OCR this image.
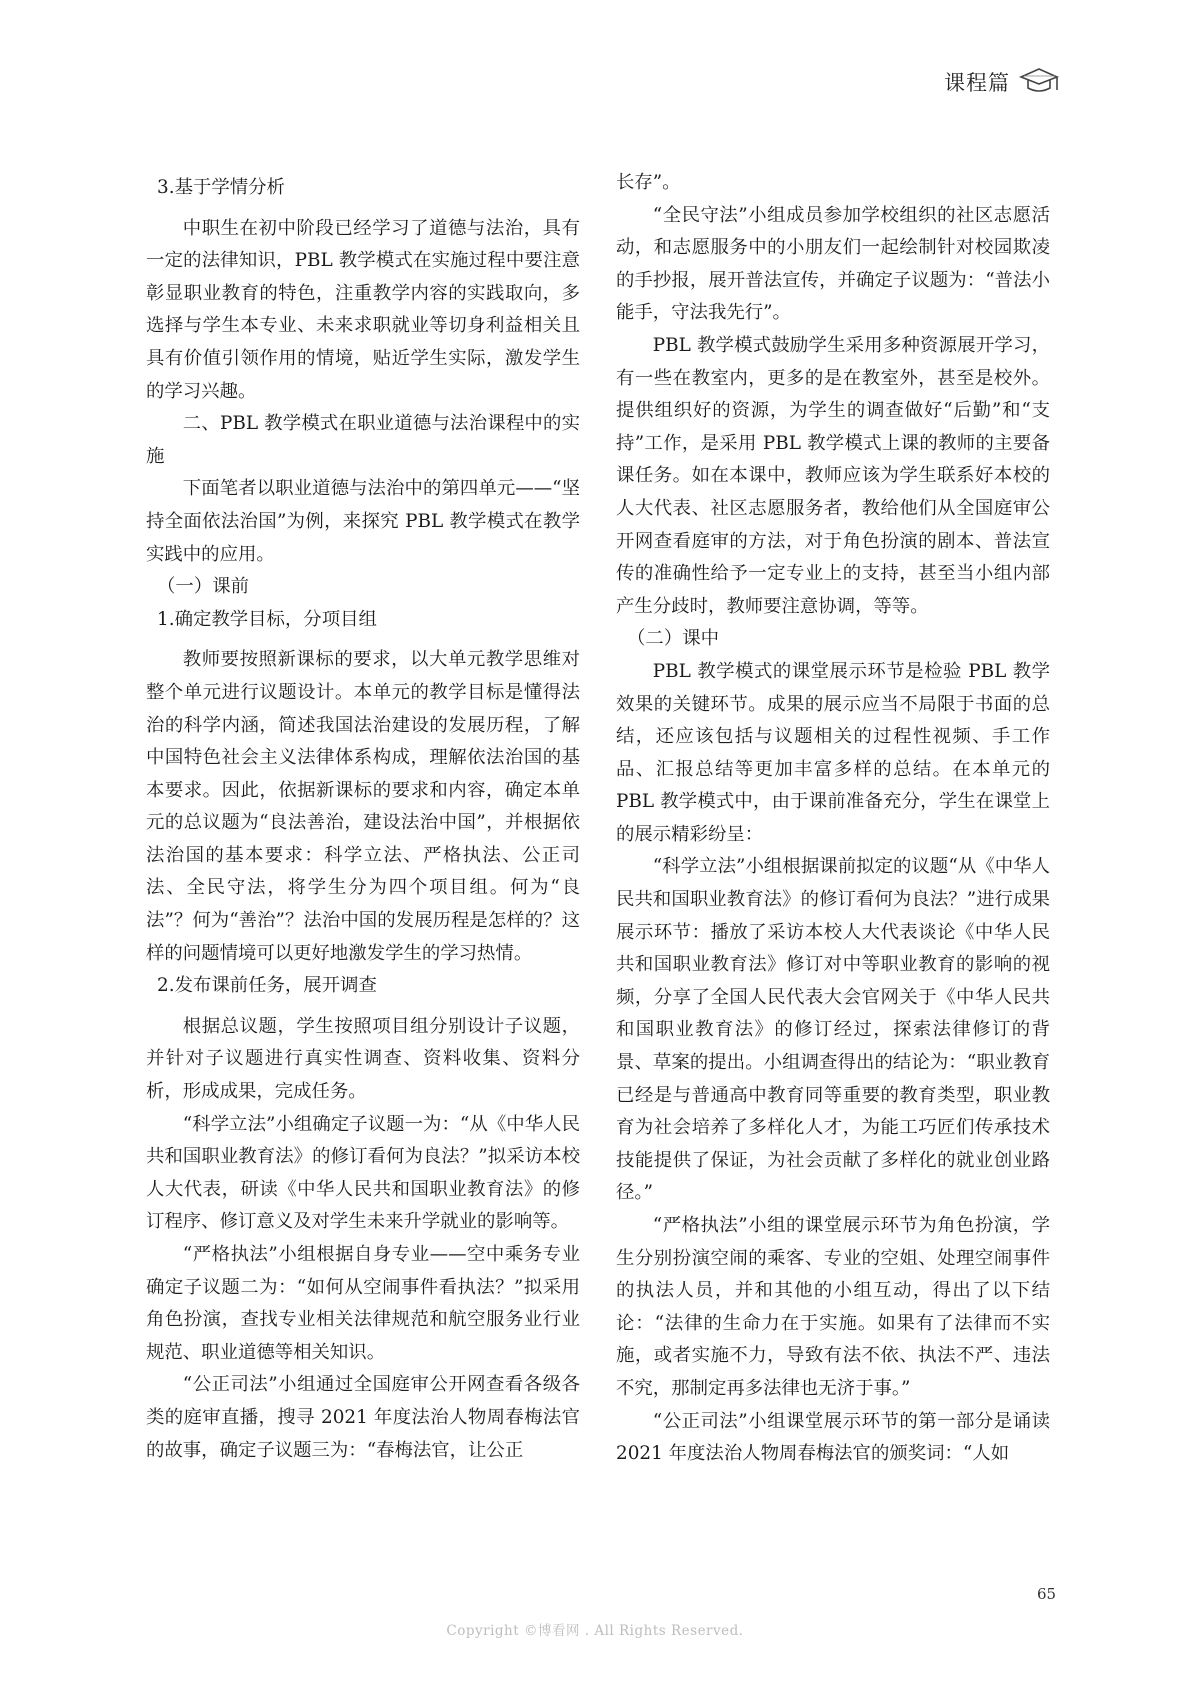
课程篇

3.基于学情分析

中职生在初中阶段已经学习了道德与法治，具有一定的法律知识，PBL 教学模式在实施过程中要注意彰显职业教育的特色，注重教学内容的实践取向，多选择与学生本专业、未来求职就业等切身利益相关且具有价值引领作用的情境，贴近学生实际，激发学生的学习兴趣。

二、PBL 教学模式在职业道德与法治课程中的实施

下面笔者以职业道德与法治中的第四单元——“坚持全面依法治国”为例，来探究 PBL 教学模式在教学实践中的应用。

（一）课前

1.确定教学目标，分项目组

教师要按照新课标的要求，以大单元教学思维对整个单元进行议题设计。本单元的教学目标是懂得法治的科学内涵，简述我国法治建设的发展历程，了解中国特色社会主义法律体系构成，理解依法治国的基本要求。因此，依据新课标的要求和内容，确定本单元的总议题为“良法善治，建设法治中国”，并根据依法治国的基本要求：科学立法、严格执法、公正司法、全民守法，将学生分为四个项目组。何为“良法”？何为“善治”？法治中国的发展历程是怎样的？这样的问题情境可以更好地激发学生的学习热情。

2.发布课前任务，展开调查

根据总议题，学生按照项目组分别设计子议题，并针对子议题进行真实性调查、资料收集、资料分析，形成成果，完成任务。

“科学立法”小组确定子议题一为：“从《中华人民共和国职业教育法》的修订看何为良法？”拟采访本校人大代表，研读《中华人民共和国职业教育法》的修订程序、修订意义及对学生未来升学就业的影响等。

“严格执法”小组根据自身专业——空中乘务专业确定子议题二为：“如何从空闹事件看执法？”拟采用角色扮演，查找专业相关法律规范和航空服务业行业规范、职业道德等相关知识。

“公正司法”小组通过全国庭审公开网查看各级各类的庭审直播，搜寻 2021 年度法治人物周春梅法官的故事，确定子议题三为：“春梅法官，让公正

长存”。

“全民守法”小组成员参加学校组织的社区志愿活动，和志愿服务中的小朋友们一起绘制针对校园欺凌的手抄报，展开普法宣传，并确定子议题为：“普法小能手，守法我先行”。

PBL 教学模式鼓励学生采用多种资源展开学习，有一些在教室内，更多的是在教室外，甚至是校外。提供组织好的资源，为学生的调查做好“后勤”和“支持”工作，是采用 PBL 教学模式上课的教师的主要备课任务。如在本课中，教师应该为学生联系好本校的人大代表、社区志愿服务者，教给他们从全国庭审公开网查看庭审的方法，对于角色扮演的剧本、普法宣传的准确性给予一定专业上的支持，甚至当小组内部产生分歧时，教师要注意协调，等等。

（二）课中

PBL 教学模式的课堂展示环节是检验 PBL 教学效果的关键环节。成果的展示应当不局限于书面的总结，还应该包括与议题相关的过程性视频、手工作品、汇报总结等更加丰富多样的总结。在本单元的 PBL 教学模式中，由于课前准备充分，学生在课堂上的展示精彩纷呈：

“科学立法”小组根据课前拟定的议题“从《中华人民共和国职业教育法》的修订看何为良法？”进行成果展示环节：播放了采访本校人大代表谈论《中华人民共和国职业教育法》修订对中等职业教育的影响的视频，分享了全国人民代表大会官网关于《中华人民共和国职业教育法》的修订经过，探索法律修订的背景、草案的提出。小组调查得出的结论为：“职业教育已经是与普通高中教育同等重要的教育类型，职业教育为社会培养了多样化人才，为能工巧匠们传承技术技能提供了保证，为社会贡献了多样化的就业创业路径。”

“严格执法”小组的课堂展示环节为角色扮演，学生分别扮演空闹的乘客、专业的空姐、处理空闹事件的执法人员，并和其他的小组互动，得出了以下结论：“法律的生命力在于实施。如果有了法律而不实施，或者实施不力，导致有法不依、执法不严、违法不究，那制定再多法律也无济于事。”

“公正司法”小组课堂展示环节的第一部分是诵读 2021 年度法治人物周春梅法官的颁奖词：“人如

65
Copyright ©博看网 . All Rights Reserved.
